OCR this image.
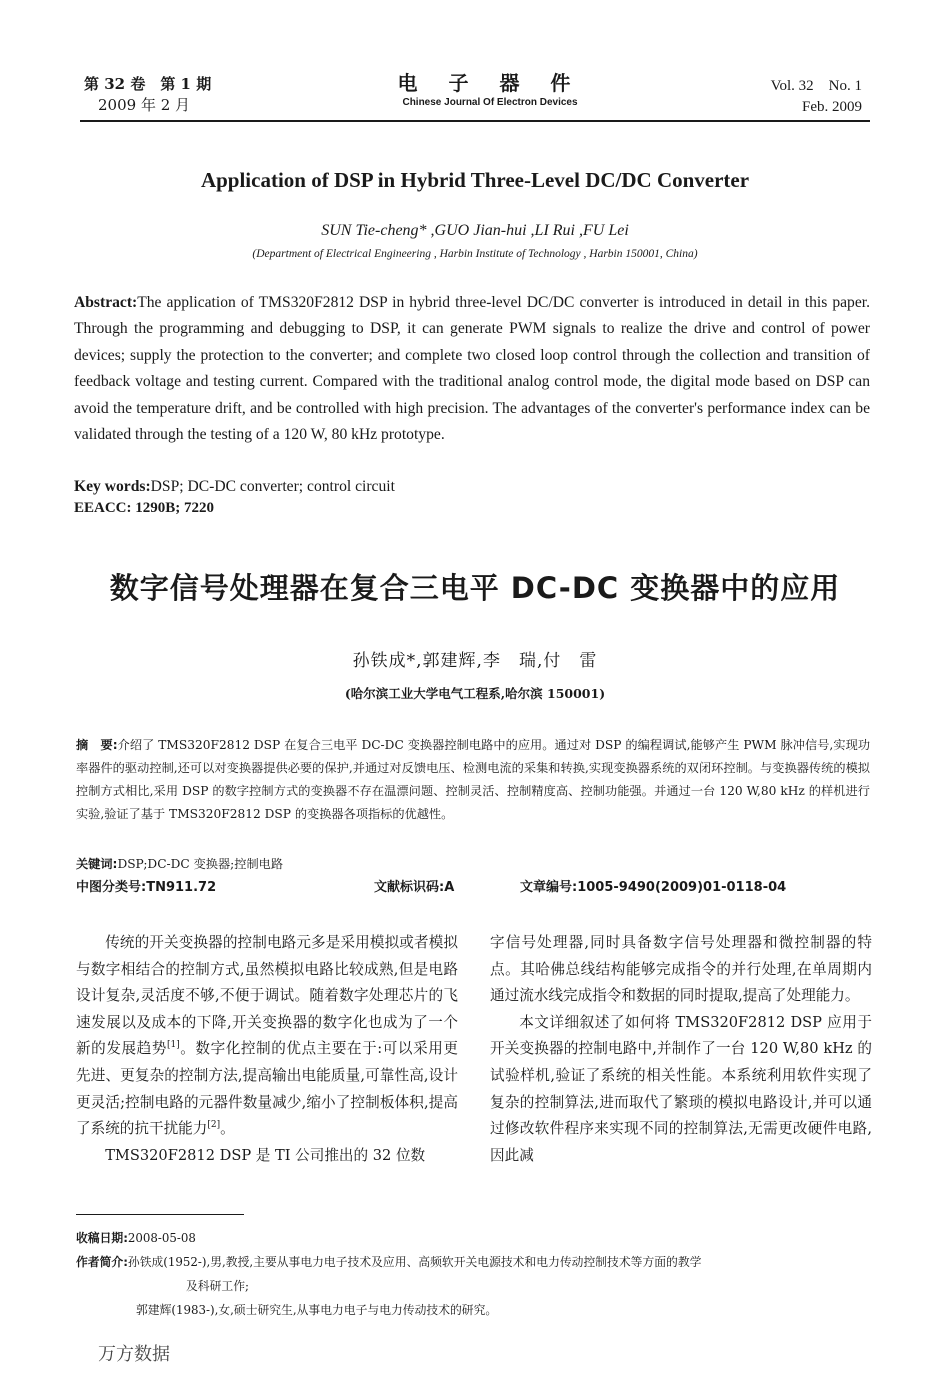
第 32 卷　第 1 期
2009 年 2 月
电 子 器 件
Chinese Journal Of Electron Devices
Vol. 32　No. 1
Feb. 2009
Application of DSP in Hybrid Three-Level DC/DC Converter
SUN Tie-cheng* ,GUO Jian-hui ,LI Rui ,FU Lei
(Department of Electrical Engineering , Harbin Institute of Technology , Harbin 150001, China)
Abstract:The application of TMS320F2812 DSP in hybrid three-level DC/DC converter is introduced in detail in this paper. Through the programming and debugging to DSP, it can generate PWM signals to realize the drive and control of power devices; supply the protection to the converter; and complete two closed loop control through the collection and transition of feedback voltage and testing current. Compared with the traditional analog control mode, the digital mode based on DSP can avoid the temperature drift, and be controlled with high precision. The advantages of the converter's performance index can be validated through the testing of a 120 W, 80 kHz prototype.
Key words:DSP; DC-DC converter; control circuit
EEACC: 1290B; 7220
数字信号处理器在复合三电平 DC-DC 变换器中的应用
孙铁成*,郭建辉,李　瑞,付　雷
(哈尔滨工业大学电气工程系,哈尔滨 150001)
摘　要:介绍了 TMS320F2812 DSP 在复合三电平 DC-DC 变换器控制电路中的应用。通过对 DSP 的编程调试,能够产生 PWM 脉冲信号,实现功率器件的驱动控制,还可以对变换器提供必要的保护,并通过对反馈电压、检测电流的采集和转换,实现变换器系统的双闭环控制。与变换器传统的模拟控制方式相比,采用 DSP 的数字控制方式的变换器不存在温漂问题、控制灵活、控制精度高、控制功能强。并通过一台 120 W,80 kHz 的样机进行实验,验证了基于 TMS320F2812 DSP 的变换器各项指标的优越性。
关键词:DSP;DC-DC 变换器;控制电路
中图分类号:TN911.72	文献标识码:A	文章编号:1005-9490(2009)01-0118-04

传统的开关变换器的控制电路元多是采用模拟或者模拟与数字相结合的控制方式,虽然模拟电路比较成熟,但是电路设计复杂,灵活度不够,不便于调试。随着数字处理芯片的飞速发展以及成本的下降,开关变换器的数字化也成为了一个新的发展趋势[1]。数字化控制的优点主要在于:可以采用更先进、更复杂的控制方法,提高输出电能质量,可靠性高,设计更灵活;控制电路的元器件数量减少,缩小了控制板体积,提高了系统的抗干扰能力[2]。

TMS320F2812 DSP 是 TI 公司推出的 32 位数

字信号处理器,同时具备数字信号处理器和微控制器的特点。其哈佛总线结构能够完成指令的并行处理,在单周期内通过流水线完成指令和数据的同时提取,提高了处理能力。

本文详细叙述了如何将 TMS320F2812 DSP 应用于开关变换器的控制电路中,并制作了一台 120 W,80 kHz 的试验样机,验证了系统的相关性能。本系统利用软件实现了复杂的控制算法,进而取代了繁琐的模拟电路设计,并可以通过修改软件程序来实现不同的控制算法,无需更改硬件电路,因此减

收稿日期:2008-05-08
作者简介:孙铁成(1952-),男,教授,主要从事电力电子技术及应用、高频软开关电源技术和电力传动控制技术等方面的教学
及科研工作;
郭建辉(1983-),女,硕士研究生,从事电力电子与电力传动技术的研究。
万方数据
